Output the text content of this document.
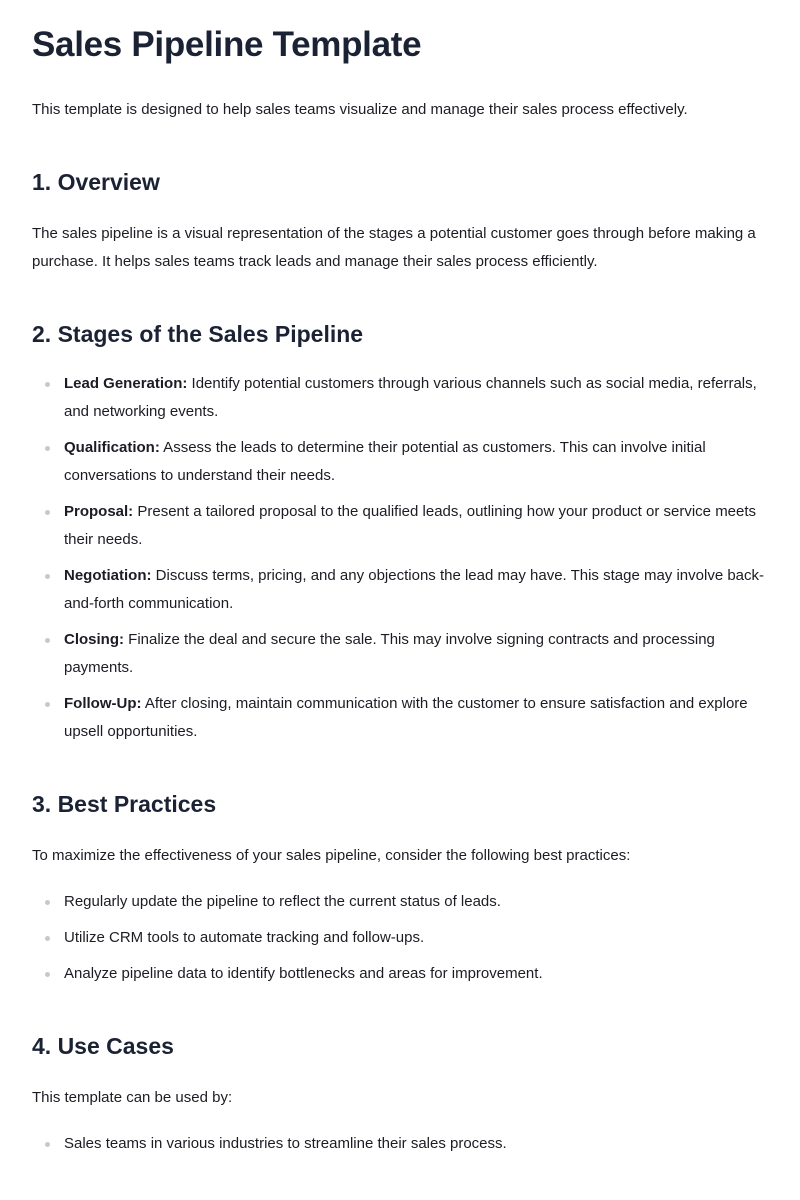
Sales Pipeline Template

This template is designed to help sales teams visualize and manage their sales process effectively.

1. Overview

The sales pipeline is a visual representation of the stages a potential customer goes through before making a purchase. It helps sales teams track leads and manage their sales process efficiently.

2. Stages of the Sales Pipeline
Lead Generation: Identify potential customers through various channels such as social media, referrals, and networking events.
Qualification: Assess the leads to determine their potential as customers. This can involve initial conversations to understand their needs.
Proposal: Present a tailored proposal to the qualified leads, outlining how your product or service meets their needs.
Negotiation: Discuss terms, pricing, and any objections the lead may have. This stage may involve back-and-forth communication.
Closing: Finalize the deal and secure the sale. This may involve signing contracts and processing payments.
Follow-Up: After closing, maintain communication with the customer to ensure satisfaction and explore upsell opportunities.
3. Best Practices

To maximize the effectiveness of your sales pipeline, consider the following best practices:

Regularly update the pipeline to reflect the current status of leads.
Utilize CRM tools to automate tracking and follow-ups.
Analyze pipeline data to identify bottlenecks and areas for improvement.
4. Use Cases

This template can be used by:

Sales teams in various industries to streamline their sales process.
